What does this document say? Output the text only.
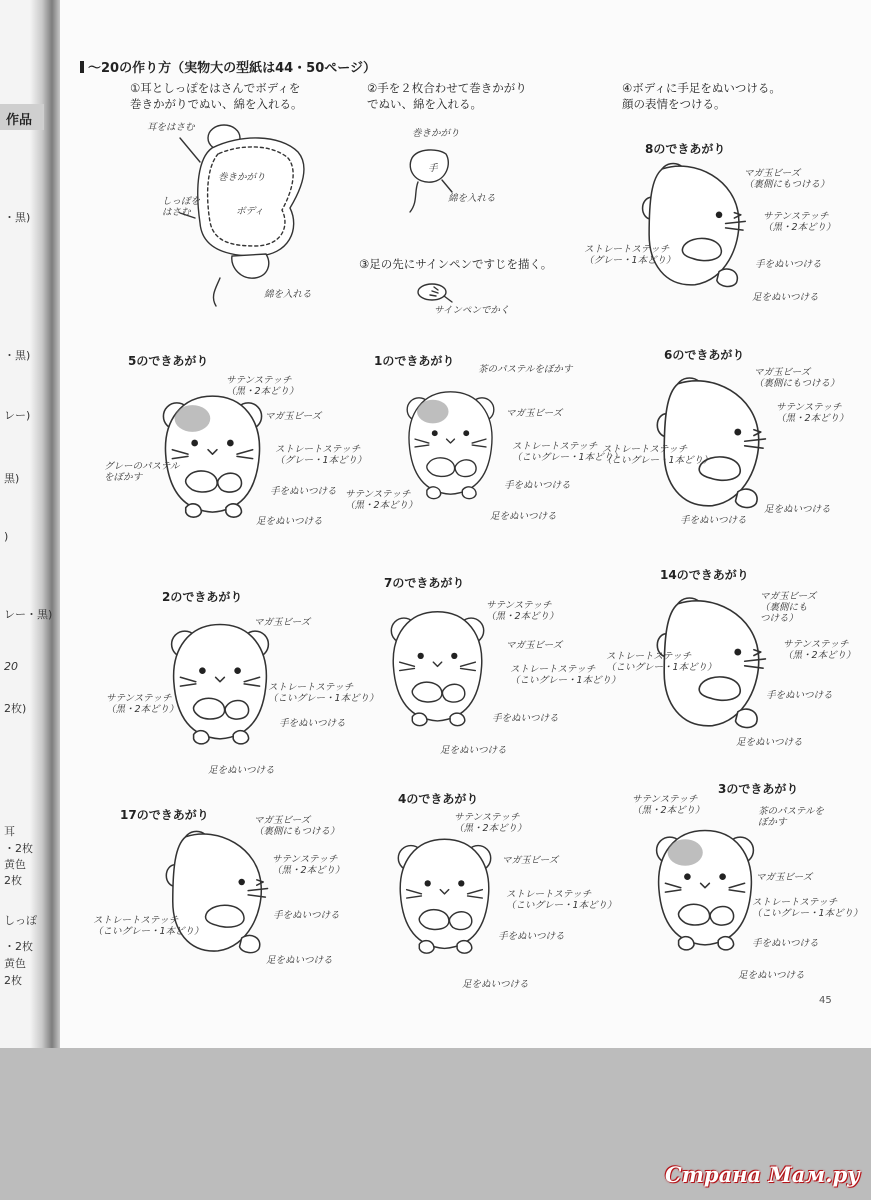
作品
・黒)
・黒)
レー)
黒)
)
レー・黒)
20
2枚)
耳
・2枚
黄色
2枚
しっぽ
・2枚
黄色
2枚
〜20の作り方（実物大の型紙は44・50ページ）
①耳としっぽをはさんでボディを
巻きかがりでぬい、綿を入れる。
②手を２枚合わせて巻きかがり
でぬい、綿を入れる。
③足の先にサインペンですじを描く。
④ボディに手足をぬいつける。
顔の表情をつける。
耳をはさむ
巻きかがり
しっぽを
はさむ	ボディ
綿を入れる
巻きかがり
手
綿を入れる
サインペンでかく
8のできあがり
5のできあがり	1のできあがり	6のできあがり
2のできあがり
7のできあがり
14のできあがり
17のできあがり
4のできあがり
3のできあがり
マガ玉ビーズ
（裏側にもつける）
サテンステッチ
（黒・2本どり）
ストレートステッチ
（グレー・1本どり）	手をぬいつける
足をぬいつける
サテンステッチ
（黒・2本どり）
マガ玉ビーズ
グレーのパステル
をぼかす
ストレートステッチ
（グレー・1本どり）
手をぬいつける
足をぬいつける
茶のパステルをぼかす
マガ玉ビーズ
ストレートステッチ
（こいグレー・1本どり）
サテンステッチ
（黒・2本どり）
手をぬいつける
足をぬいつける
マガ玉ビーズ
（裏側にもつける）
サテンステッチ
（黒・2本どり）
ストレートステッチ
（こいグレー・1本どり）
手をぬいつける
足をぬいつける
マガ玉ビーズ
サテンステッチ
（黒・2本どり）
ストレートステッチ
（こいグレー・1本どり）
手をぬいつける
足をぬいつける
サテンステッチ
（黒・2本どり）
マガ玉ビーズ
ストレートステッチ
（こいグレー・1本どり）
手をぬいつける
足をぬいつける
マガ玉ビーズ
（裏側にも
つける）
サテンステッチ
（黒・2本どり）
ストレートステッチ
（こいグレー・1本どり）
手をぬいつける
足をぬいつける
マガ玉ビーズ
（裏側にもつける）
サテンステッチ
（黒・2本どり）
ストレートステッチ
（こいグレー・1本どり）
手をぬいつける
足をぬいつける
サテンステッチ
（黒・2本どり）
マガ玉ビーズ
ストレートステッチ
（こいグレー・1本どり）
手をぬいつける
足をぬいつける
サテンステッチ
（黒・2本どり）	茶のパステルを
ぼかす
マガ玉ビーズ
ストレートステッチ
（こいグレー・1本どり）
手をぬいつける
足をぬいつける
45
Страна Мам.ру
